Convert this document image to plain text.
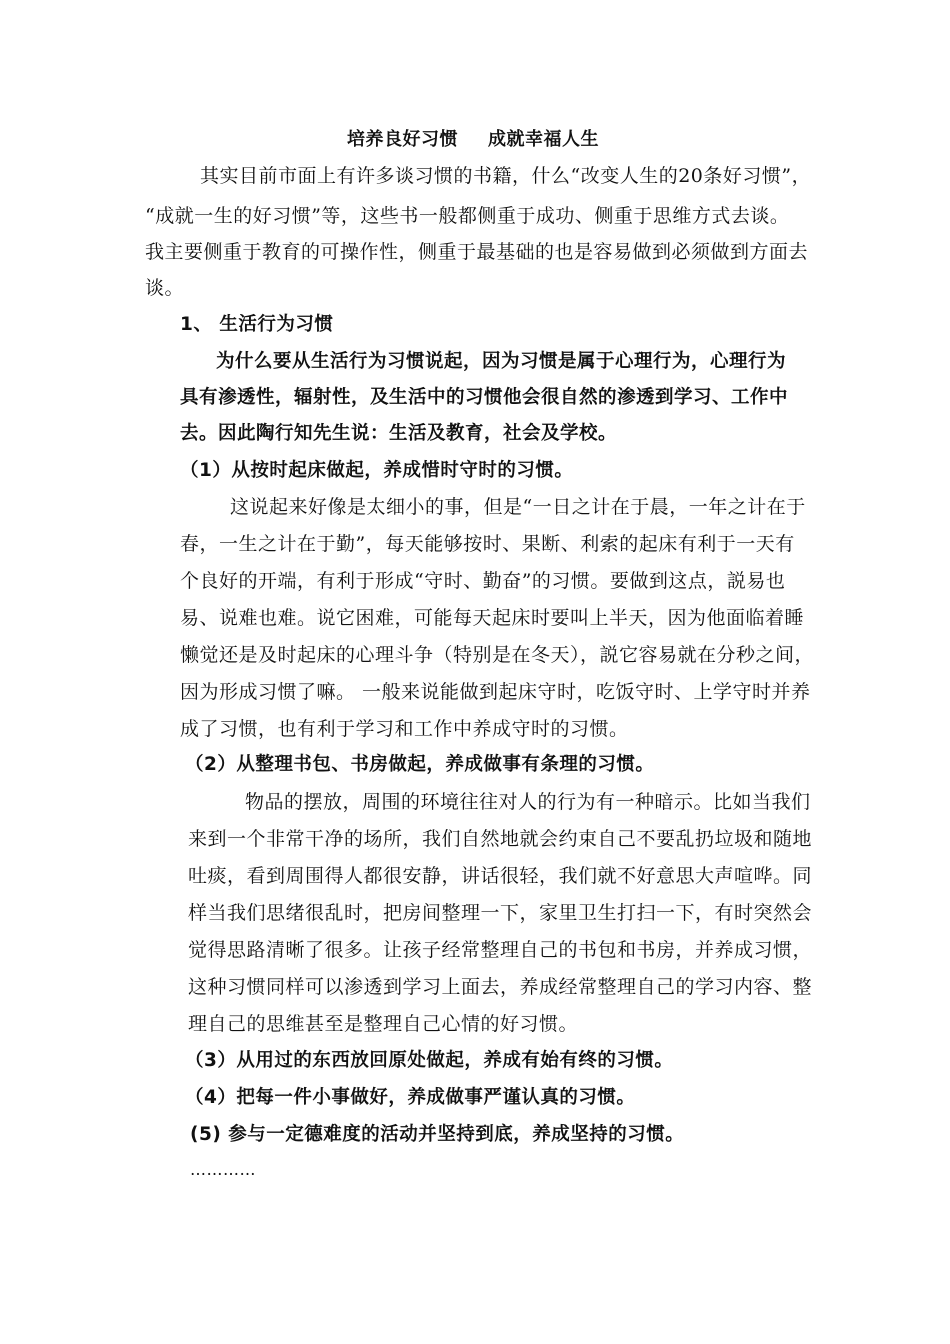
培养良好习惯 成就幸福人生
其实目前市面上有许多谈习惯的书籍，什么“改变人生的20条好习惯”，
“成就一生的好习惯”等，这些书一般都侧重于成功、侧重于思维方式去谈。
我主要侧重于教育的可操作性，侧重于最基础的也是容易做到必须做到方面去
谈。
1、 生活行为习惯
为什么要从生活行为习惯说起，因为习惯是属于心理行为，心理行为
具有渗透性，辐射性，及生活中的习惯他会很自然的渗透到学习、工作中
去。因此陶行知先生说：生活及教育，社会及学校。
（1）从按时起床做起，养成惜时守时的习惯。
这说起来好像是太细小的事，但是“一日之计在于晨，一年之计在于
春，一生之计在于勤”，每天能够按时、果断、利索的起床有利于一天有
个良好的开端，有利于形成“守时、勤奋”的习惯。要做到这点，説易也
易、说难也难。说它困难，可能每天起床时要叫上半天，因为他面临着睡
懒觉还是及时起床的心理斗争（特别是在冬天），説它容易就在分秒之间，
因为形成习惯了嘛。 一般来说能做到起床守时，吃饭守时、上学守时并养
成了习惯，也有利于学习和工作中养成守时的习惯。
（2）从整理书包、书房做起，养成做事有条理的习惯。
物品的摆放，周围的环境往往对人的行为有一种暗示。比如当我们
来到一个非常干净的场所，我们自然地就会约束自己不要乱扔垃圾和随地
吐痰，看到周围得人都很安静，讲话很轻，我们就不好意思大声喧哗。同
样当我们思绪很乱时，把房间整理一下，家里卫生打扫一下，有时突然会
觉得思路清晰了很多。让孩子经常整理自己的书包和书房，并养成习惯，
这种习惯同样可以渗透到学习上面去，养成经常整理自己的学习内容、整
理自己的思维甚至是整理自己心情的好习惯。
（3）从用过的东西放回原处做起，养成有始有终的习惯。
（4）把每一件小事做好，养成做事严谨认真的习惯。
(5) 参与一定德难度的活动并坚持到底，养成坚持的习惯。
…………
